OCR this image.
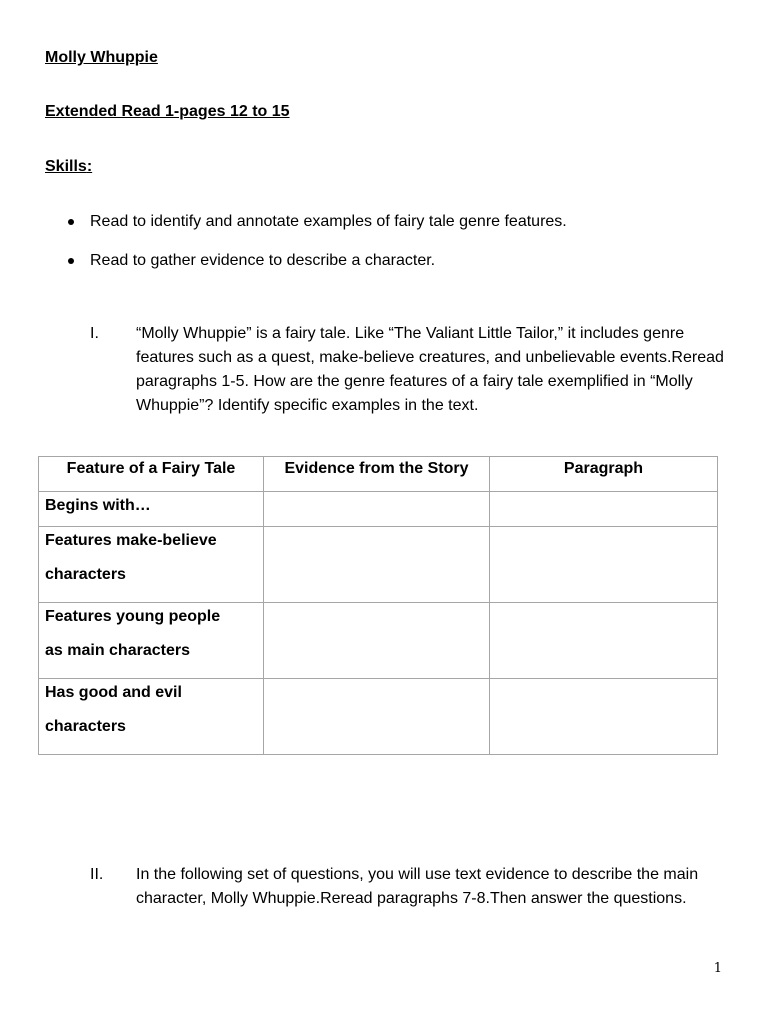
Molly Whuppie

Extended Read 1-pages 12 to 15

Skills:

Read to identify and annotate examples of fairy tale genre features.
Read to gather evidence to describe a character.
I. “Molly Whuppie” is a fairy tale. Like “The Valiant Little Tailor,” it includes genre features such as a quest, make-believe creatures, and unbelievable events.Reread paragraphs 1-5. How are the genre features of a fairy tale exemplified in “Molly Whuppie”? Identify specific examples in the text.
Feature of a Fairy Tale	Evidence from the Story	Paragraph

Begins with…		

Features make-believe
characters		

Features young people
as main characters		

Has good and evil
characters		

II. In the following set of questions, you will use text evidence to describe the main character, Molly Whuppie.Reread paragraphs 7-8.Then answer the questions.
1
